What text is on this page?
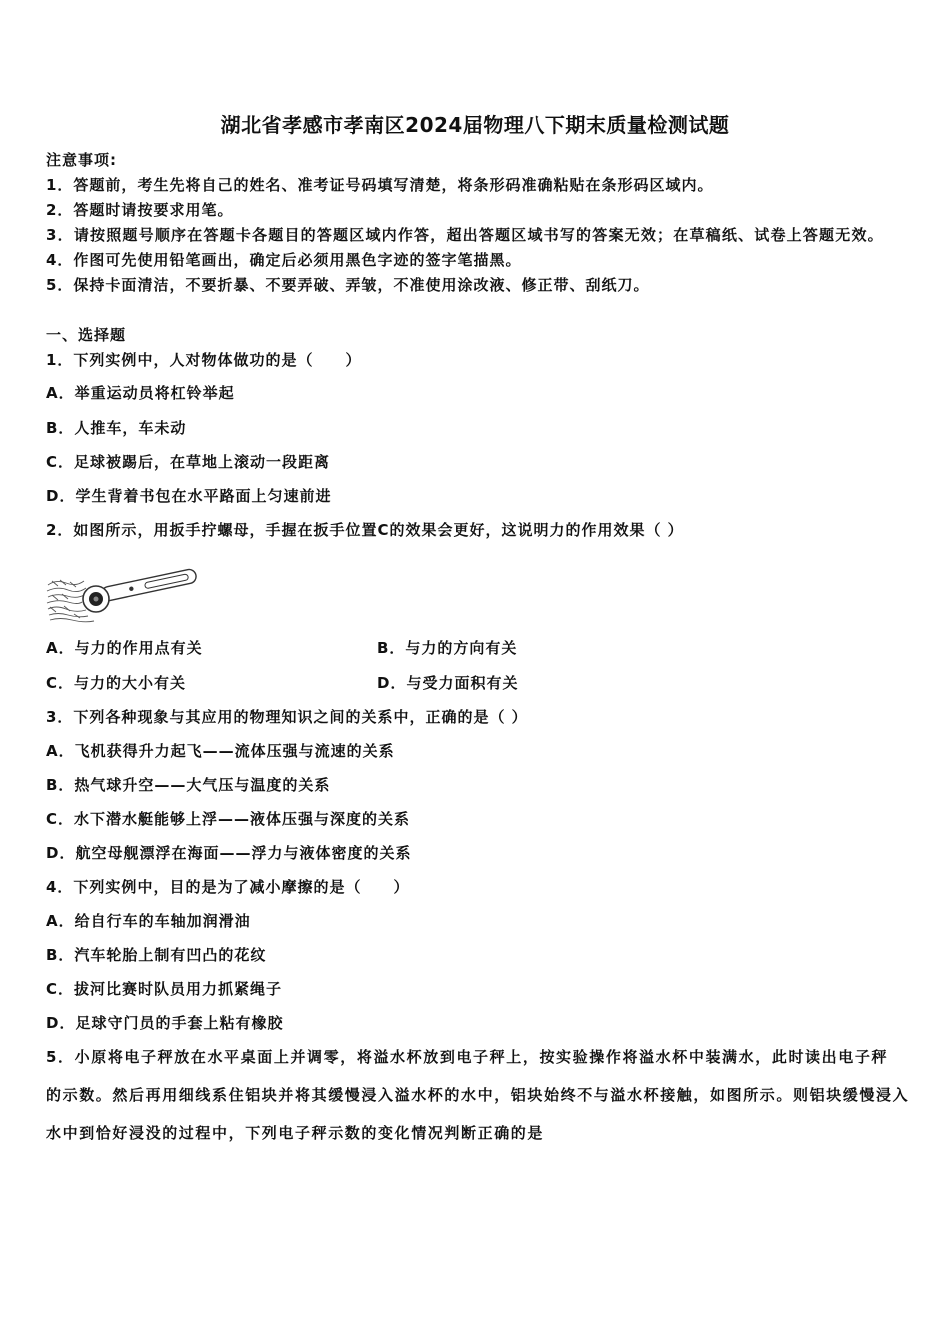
湖北省孝感市孝南区2024届物理八下期末质量检测试题
注意事项:
1．答题前，考生先将自己的姓名、准考证号码填写清楚，将条形码准确粘贴在条形码区域内。
2．答题时请按要求用笔。
3．请按照题号顺序在答题卡各题目的答题区域内作答，超出答题区域书写的答案无效；在草稿纸、试卷上答题无效。
4．作图可先使用铅笔画出，确定后必须用黑色字迹的签字笔描黑。
5．保持卡面清洁，不要折暴、不要弄破、弄皱，不准使用涂改液、修正带、刮纸刀。
一、选择题
1．下列实例中，人对物体做功的是（　　）
A．举重运动员将杠铃举起
B．人推车，车未动
C．足球被踢后，在草地上滚动一段距离
D．学生背着书包在水平路面上匀速前进
2．如图所示，用扳手拧螺母，手握在扳手位置C的效果会更好，这说明力的作用效果（ ）
A．与力的作用点有关	B．与力的方向有关
C．与力的大小有关	D．与受力面积有关
3．下列各种现象与其应用的物理知识之间的关系中，正确的是（ ）
A．飞机获得升力起飞——流体压强与流速的关系
B．热气球升空——大气压与温度的关系
C．水下潜水艇能够上浮——液体压强与深度的关系
D．航空母舰漂浮在海面——浮力与液体密度的关系
4．下列实例中，目的是为了减小摩擦的是（　　）
A．给自行车的车轴加润滑油
B．汽车轮胎上制有凹凸的花纹
C．拔河比赛时队员用力抓紧绳子
D．足球守门员的手套上粘有橡胶
5．小原将电子秤放在水平桌面上并调零，将溢水杯放到电子秤上，按实验操作将溢水杯中装满水，此时读出电子秤
的示数。然后再用细线系住铝块并将其缓慢浸入溢水杯的水中，铝块始终不与溢水杯接触，如图所示。则铝块缓慢浸入
水中到恰好浸没的过程中，下列电子秤示数的变化情况判断正确的是
